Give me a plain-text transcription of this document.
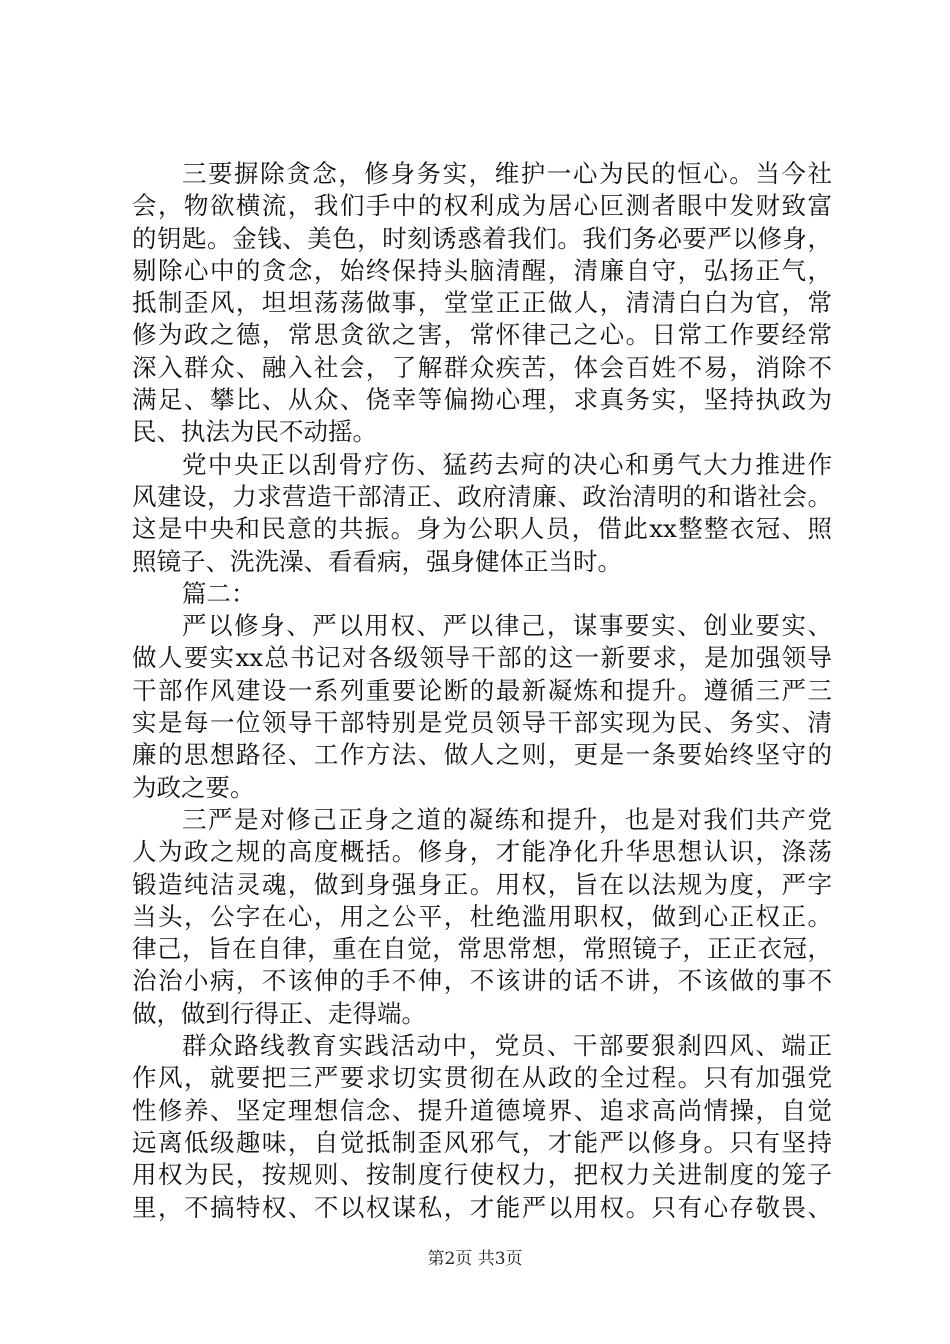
三要摒除贪念，修身务实，维护一心为民的恒心。当今社
会，物欲横流，我们手中的权利成为居心叵测者眼中发财致富
的钥匙。金钱、美色，时刻诱惑着我们。我们务必要严以修身，
剔除心中的贪念，始终保持头脑清醒，清廉自守，弘扬正气，
抵制歪风，坦坦荡荡做事，堂堂正正做人，清清白白为官，常
修为政之德，常思贪欲之害，常怀律己之心。日常工作要经常
深入群众、融入社会，了解群众疾苦，体会百姓不易，消除不
满足、攀比、从众、侥幸等偏拗心理，求真务实，坚持执政为
民、执法为民不动摇。
党中央正以刮骨疗伤、猛药去疴的决心和勇气大力推进作
风建设，力求营造干部清正、政府清廉、政治清明的和谐社会。
这是中央和民意的共振。身为公职人员，借此xx整整衣冠、照
照镜子、洗洗澡、看看病，强身健体正当时。
篇二：
严以修身、严以用权、严以律己，谋事要实、创业要实、
做人要实xx总书记对各级领导干部的这一新要求，是加强领导
干部作风建设一系列重要论断的最新凝炼和提升。遵循三严三
实是每一位领导干部特别是党员领导干部实现为民、务实、清
廉的思想路径、工作方法、做人之则，更是一条要始终坚守的
为政之要。
三严是对修己正身之道的凝练和提升，也是对我们共产党
人为政之规的高度概括。修身，才能净化升华思想认识，涤荡
锻造纯洁灵魂，做到身强身正。用权，旨在以法规为度，严字
当头，公字在心，用之公平，杜绝滥用职权，做到心正权正。
律己，旨在自律，重在自觉，常思常想，常照镜子，正正衣冠，
治治小病，不该伸的手不伸，不该讲的话不讲，不该做的事不
做，做到行得正、走得端。
群众路线教育实践活动中，党员、干部要狠刹四风、端正
作风，就要把三严要求切实贯彻在从政的全过程。只有加强党
性修养、坚定理想信念、提升道德境界、追求高尚情操，自觉
远离低级趣味，自觉抵制歪风邪气，才能严以修身。只有坚持
用权为民，按规则、按制度行使权力，把权力关进制度的笼子
里，不搞特权、不以权谋私，才能严以用权。只有心存敬畏、
第2页 共3页
